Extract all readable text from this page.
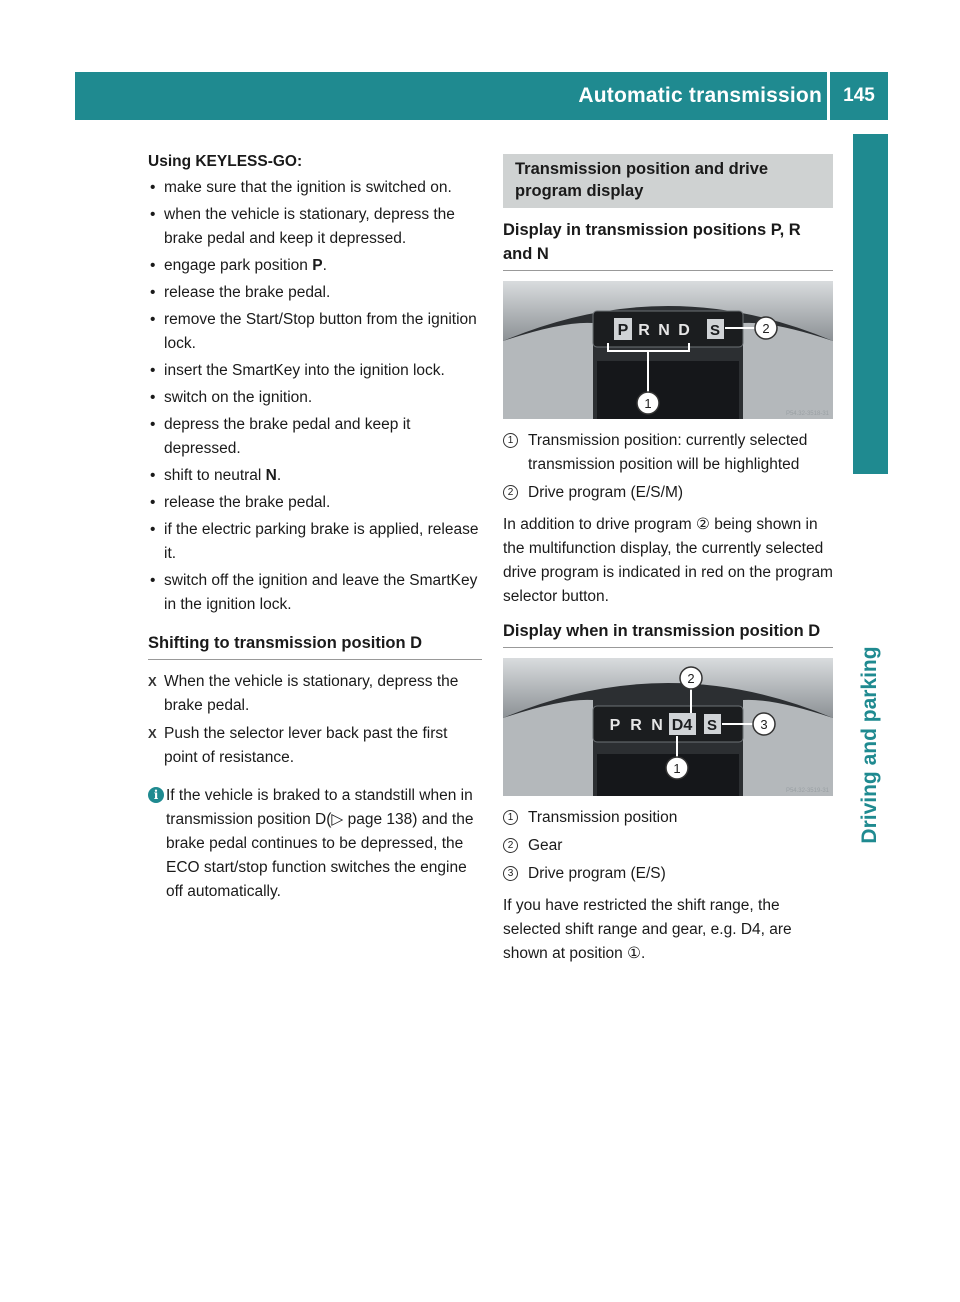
Automatic transmission	145
Driving and parking
Using KEYLESS-GO:
• make sure that the ignition is switched on.
• when the vehicle is stationary, depress the brake pedal and keep it depressed.
• engage park position P.
• release the brake pedal.
• remove the Start/Stop button from the ignition lock.
• insert the SmartKey into the ignition lock.
• switch on the ignition.
• depress the brake pedal and keep it depressed.
• shift to neutral N.
• release the brake pedal.
• if the electric parking brake is applied, release it.
• switch off the ignition and leave the SmartKey in the ignition lock.
Shifting to transmission position D
X When the vehicle is stationary, depress the brake pedal.
X Push the selector lever back past the first point of resistance.
i If the vehicle is braked to a standstill when in transmission position D(▷ page 138) and the brake pedal continues to be depressed, the ECO start/stop function switches the engine off automatically.
Transmission position and drive program display
Display in transmission positions P, R and N
P R N D S	2
1
P54.32-3518-31
1 Transmission position: currently selected transmission position will be highlighted
2 Drive program (E/S/M)

In addition to drive program ② being shown in the multifunction display, the currently selected drive program is indicated in red on the program selector button.

Display when in transmission position D
P R N D4 S
2
3
1
P54.32-3519-31
1 Transmission position
2 Gear
3 Drive program (E/S)

If you have restricted the shift range, the selected shift range and gear, e.g. D4, are shown at position ①.
